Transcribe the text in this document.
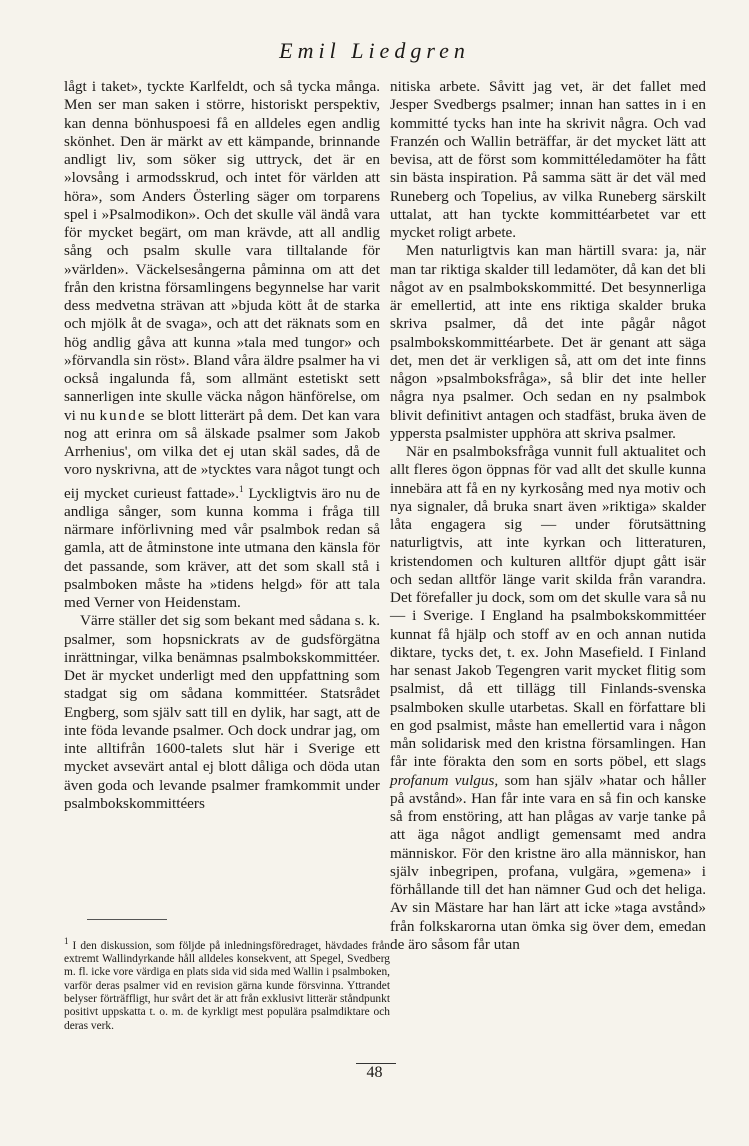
Emil Liedgren

lågt i taket», tyckte Karlfeldt, och så tycka många. Men ser man saken i större, historiskt perspektiv, kan denna bönhuspoesi få en alldeles egen andlig skönhet. Den är märkt av ett kämpande, brinnande andligt liv, som söker sig uttryck, det är en »lovsång i armodsskrud, och intet för världen att höra», som Anders Österling säger om torparens spel i »Psalmodikon». Och det skulle väl ändå vara för mycket begärt, om man krävde, att all andlig sång och psalm skulle vara tilltalande för »världen». Väckelsesångerna påminna om att det från den kristna församlingens begynnelse har varit dess medvetna strävan att »bjuda kött åt de starka och mjölk åt de svaga», och att det räknats som en hög andlig gåva att kunna »tala med tungor» och »förvandla sin röst». Bland våra äldre psalmer ha vi också ingalunda få, som allmänt estetiskt sett sannerligen inte skulle väcka någon hänförelse, om vi nu kunde se blott litterärt på dem. Det kan vara nog att erinra om så älskade psalmer som Jakob Arrhenius', om vilka det ej utan skäl sades, då de voro nyskrivna, att de »tycktes vara något tungt och eij mycket curieust fattade».$^1$ Lyckligtvis äro nu de andliga sånger, som kunna komma i fråga till närmare införlivning med vår psalmbok redan så gamla, att de åtminstone inte utmana den känsla för det passande, som kräver, att det som skall stå i psalmboken måste ha »tidens helgd» för att tala med Verner von Heidenstam.

Värre ställer det sig som bekant med sådana s. k. psalmer, som hopsnickrats av de gudsförgätna inrättningar, vilka benämnas psalmbokskommittéer. Det är mycket underligt med den uppfattning som stadgat sig om sådana kommittéer. Statsrådet Engberg, som själv satt till en dylik, har sagt, att de inte föda levande psalmer. Och dock undrar jag, om inte alltifrån 1600-talets slut här i Sverige ett mycket avsevärt antal ej blott dåliga och döda utan även goda och levande psalmer framkommit under psalmbokskommittéers

nitiska arbete. Såvitt jag vet, är det fallet med Jesper Svedbergs psalmer; innan han sattes in i en kommitté tycks han inte ha skrivit några. Och vad Franzén och Wallin beträffar, är det mycket lätt att bevisa, att de först som kommittéledamöter ha fått sin bästa inspiration. På samma sätt är det väl med Runeberg och Topelius, av vilka Runeberg särskilt uttalat, att han tyckte kommittéarbetet var ett mycket roligt arbete.

Men naturligtvis kan man härtill svara: ja, när man tar riktiga skalder till ledamöter, då kan det bli något av en psalmbokskommitté. Det besynnerliga är emellertid, att inte ens riktiga skalder bruka skriva psalmer, då det inte pågår något psalmbokskommittéarbete. Det är genant att säga det, men det är verkligen så, att om det inte finns någon »psalmboksfråga», så blir det inte heller några nya psalmer. Och sedan en ny psalmbok blivit definitivt antagen och stadfäst, bruka även de yppersta psalmister upphöra att skriva psalmer.

När en psalmboksfråga vunnit full aktualitet och allt fleres ögon öppnas för vad allt det skulle kunna innebära att få en ny kyrkosång med nya motiv och nya signaler, då bruka snart även »riktiga» skalder låta engagera sig — under förutsättning naturligtvis, att inte kyrkan och litteraturen, kristendomen och kulturen alltför djupt gått isär och sedan alltför länge varit skilda från varandra. Det förefaller ju dock, som om det skulle vara så nu — i Sverige. I England ha psalmbokskommittéer kunnat få hjälp och stoff av en och annan nutida diktare, tycks det, t. ex. John Masefield. I Finland har senast Jakob Tegengren varit mycket flitig som psalmist, då ett tillägg till Finlands-svenska psalmboken skulle utarbetas. Skall en författare bli en god psalmist, måste han emellertid vara i någon mån solidarisk med den kristna församlingen. Han får inte förakta den som en sorts pöbel, ett slags profanum vulgus, som han själv »hatar och håller på avstånd». Han får inte vara en så fin och kanske så from enstöring, att han plågas av varje tanke på att äga något andligt gemensamt med andra människor. För den kristne äro alla människor, han själv inbegripen, profana, vulgära, »gemena» i förhållande till det han nämner Gud och det heliga. Av sin Mästare har han lärt att icke »taga avstånd» från folkskarorna utan ömka sig över dem, emedan de äro såsom får utan

$^1$ I den diskussion, som följde på inledningsföredraget, hävdades från extremt Wallindyrkande håll alldeles konsekvent, att Spegel, Svedberg m. fl. icke vore värdiga en plats sida vid sida med Wallin i psalmboken, varför deras psalmer vid en revision gärna kunde försvinna. Yttrandet belyser förträffligt, hur svårt det är att från exklusivt litterär ståndpunkt positivt uppskatta t. o. m. de kyrkligt mest populära psalmdiktare och deras verk.
48
